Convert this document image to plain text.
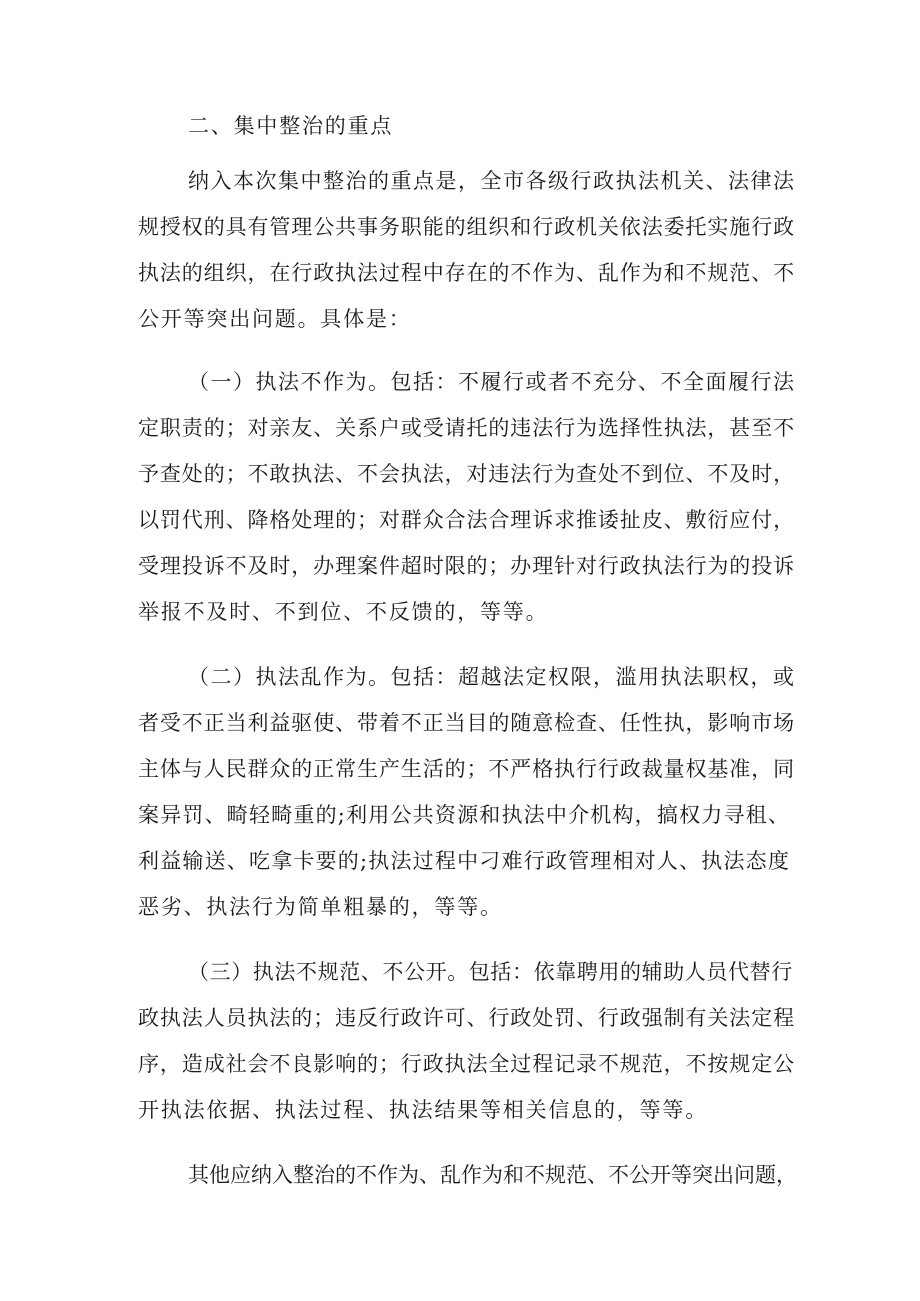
二、集中整治的重点
纳入本次集中整治的重点是，全市各级行政执法机关、法律法
规授权的具有管理公共事务职能的组织和行政机关依法委托实施行政
执法的组织，在行政执法过程中存在的不作为、乱作为和不规范、不
公开等突出问题。具体是：
（一）执法不作为。包括：不履行或者不充分、不全面履行法
定职责的；对亲友、关系户或受请托的违法行为选择性执法，甚至不
予查处的；不敢执法、不会执法，对违法行为查处不到位、不及时，
以罚代刑、降格处理的；对群众合法合理诉求推诿扯皮、敷衍应付，
受理投诉不及时，办理案件超时限的；办理针对行政执法行为的投诉
举报不及时、不到位、不反馈的，等等。
（二）执法乱作为。包括：超越法定权限，滥用执法职权，或
者受不正当利益驱使、带着不正当目的随意检查、任性执，影响市场
主体与人民群众的正常生产生活的；不严格执行行政裁量权基准，同
案异罚、畸轻畸重的;利用公共资源和执法中介机构，搞权力寻租、
利益输送、吃拿卡要的;执法过程中刁难行政管理相对人、执法态度
恶劣、执法行为简单粗暴的，等等。
（三）执法不规范、不公开。包括：依靠聘用的辅助人员代替行
政执法人员执法的；违反行政许可、行政处罚、行政强制有关法定程
序，造成社会不良影响的；行政执法全过程记录不规范，不按规定公
开执法依据、执法过程、执法结果等相关信息的，等等。
其他应纳入整治的不作为、乱作为和不规范、不公开等突出问题，
